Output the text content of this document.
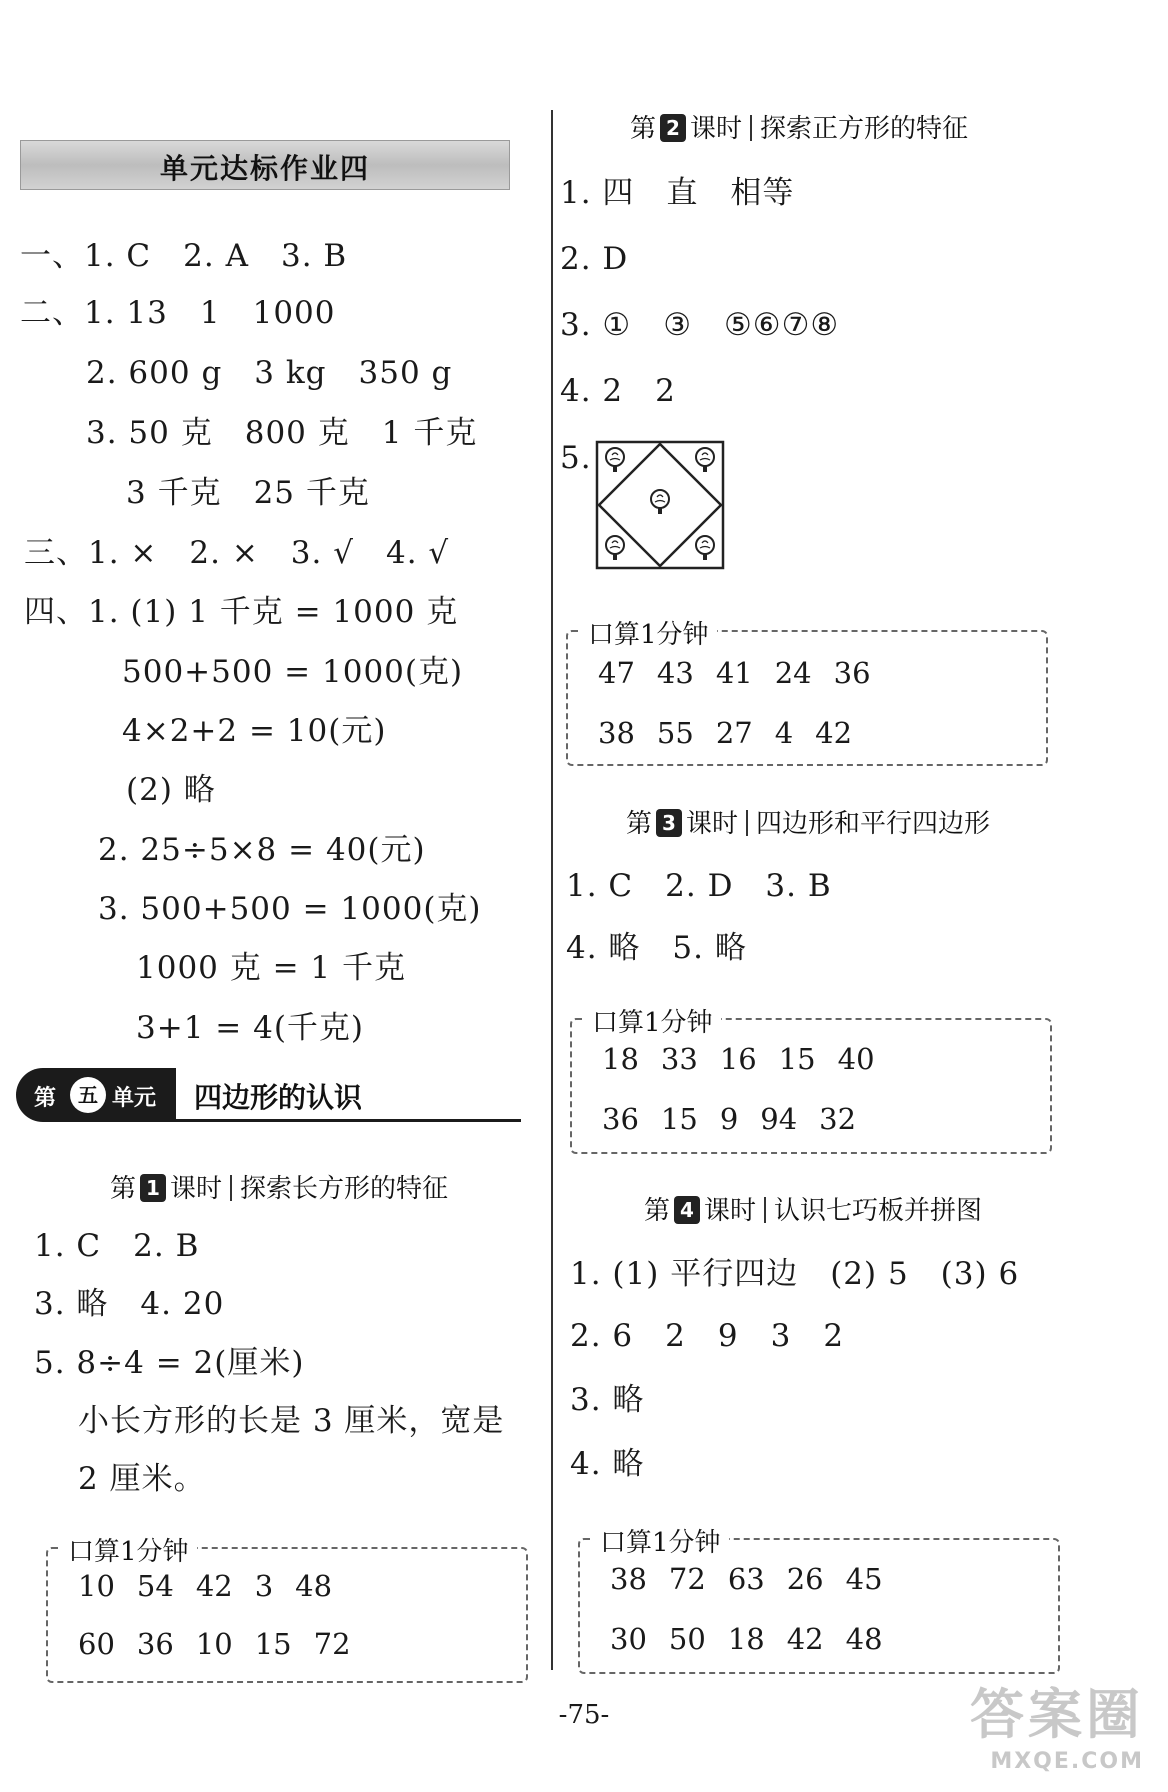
单元达标作业四
一、1. C　2. A　3. B
二、1. 13　1　1000
2. 600 g　3 kg　350 g
3. 50 克　800 克　1 千克
3 千克　25 千克
三、1. ×　2. ×　3. √　4. √
四、1. (1) 1 千克 = 1000 克
500+500 = 1000(克)
4×2+2 = 10(元)
(2) 略
2. 25÷5×8 = 40(元)
3. 500+500 = 1000(克)
1000 克 = 1 千克
3+1 = 4(千克)
第	五 单元 四边形的认识
第 1 课时 探索长方形的特征
1. C　2. B
3. 略　4. 20
5. 8÷4 = 2(厘米)
小长方形的长是 3 厘米，宽是
2 厘米。
口算1分钟
10 54 42 3 48
60 36 10 15 72
第 2 课时 探索正方形的特征
1. 四　直　相等
2. D
3. ①　③　⑤⑥⑦⑧
4. 2　2
5.
口算1分钟
47 43 41 24 36
38 55 27 4 42
第 3 课时 四边形和平行四边形
1. C　2. D　3. B
4. 略　5. 略
口算1分钟
18 33 16 15 40
36 15 9 94 32
第 4 课时 认识七巧板并拼图
1. (1) 平行四边　(2) 5　(3) 6
2. 6　2　9　3　2
3. 略
4. 略
口算1分钟
38 72 63 26 45
30 50 18 42 48
-75-	答案圈
MXQE.COM
